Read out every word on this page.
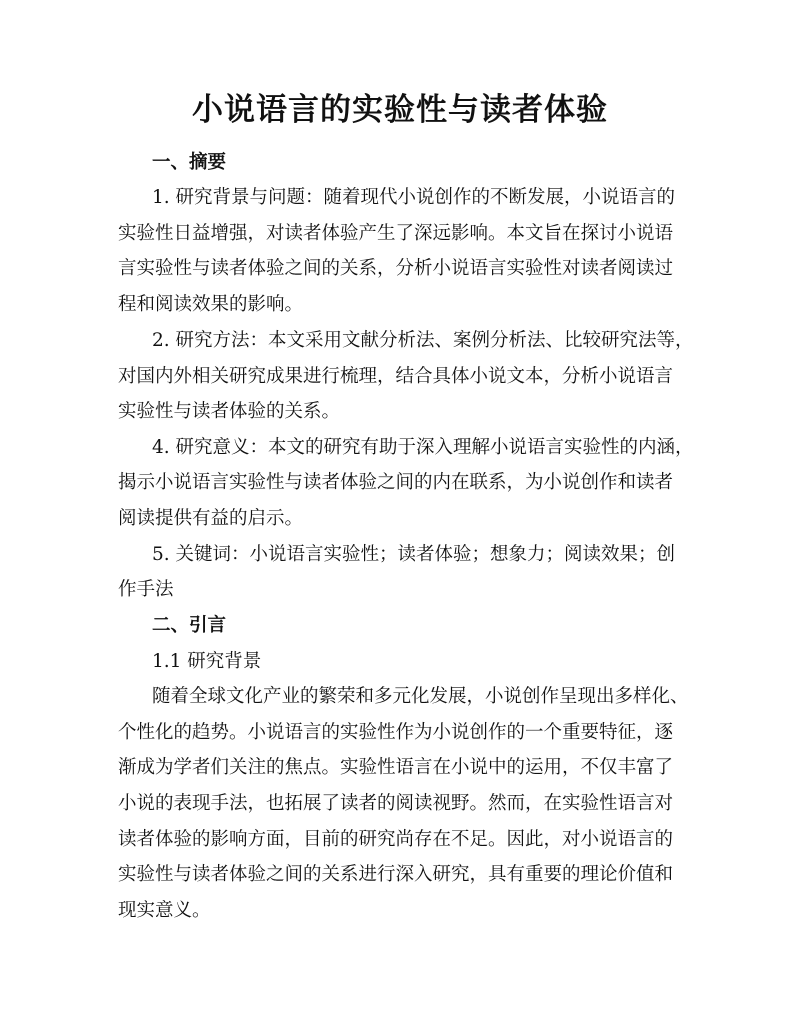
小说语言的实验性与读者体验
一、摘要
1. 研究背景与问题：随着现代小说创作的不断发展，小说语言的
实验性日益增强，对读者体验产生了深远影响。本文旨在探讨小说语
言实验性与读者体验之间的关系，分析小说语言实验性对读者阅读过
程和阅读效果的影响。
2. 研究方法：本文采用文献分析法、案例分析法、比较研究法等，
对国内外相关研究成果进行梳理，结合具体小说文本，分析小说语言
实验性与读者体验的关系。
4. 研究意义：本文的研究有助于深入理解小说语言实验性的内涵，
揭示小说语言实验性与读者体验之间的内在联系，为小说创作和读者
阅读提供有益的启示。
5. 关键词：小说语言实验性；读者体验；想象力；阅读效果；创
作手法
二、引言
1.1 研究背景
随着全球文化产业的繁荣和多元化发展，小说创作呈现出多样化、
个性化的趋势。小说语言的实验性作为小说创作的一个重要特征，逐
渐成为学者们关注的焦点。实验性语言在小说中的运用，不仅丰富了
小说的表现手法，也拓展了读者的阅读视野。然而，在实验性语言对
读者体验的影响方面，目前的研究尚存在不足。因此，对小说语言的
实验性与读者体验之间的关系进行深入研究，具有重要的理论价值和
现实意义。
